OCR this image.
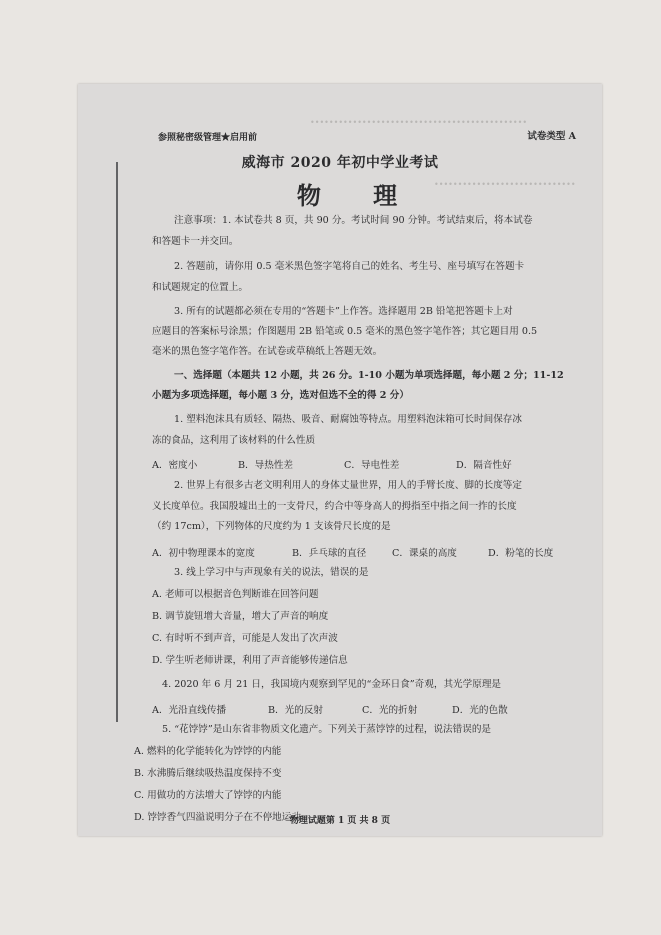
••••••••••••••••••••••••••••••••••••••••••••••
••••••••••••••••••••••••••••••
参照秘密级管理★启用前	试卷类型 A
威海市 2020 年初中学业考试
物 理
注意事项：1. 本试卷共 8 页，共 90 分。考试时间 90 分钟。考试结束后，将本试卷
和答题卡一并交回。
2. 答题前，请你用 0.5 毫米黑色签字笔将自己的姓名、考生号、座号填写在答题卡
和试题规定的位置上。
3. 所有的试题都必须在专用的“答题卡”上作答。选择题用 2B 铅笔把答题卡上对
应题目的答案标号涂黑；作图题用 2B 铅笔或 0.5 毫米的黑色签字笔作答；其它题目用 0.5
毫米的黑色签字笔作答。在试卷或草稿纸上答题无效。
一、选择题（本题共 12 小题，共 26 分。1-10 小题为单项选择题，每小题 2 分；11-12
小题为多项选择题，每小题 3 分，选对但选不全的得 2 分）
1. 塑料泡沫具有质轻、隔热、吸音、耐腐蚀等特点。用塑料泡沫箱可长时间保存冰
冻的食品，这利用了该材料的什么性质
A．密度小	B．导热性差	C．导电性差	D．隔音性好
2. 世界上有很多古老文明利用人的身体丈量世界，用人的手臂长度、脚的长度等定
义长度单位。我国殷墟出土的一支骨尺，约合中等身高人的拇指至中指之间一拃的长度
（约 17cm），下列物体的尺度约为 1 支该骨尺长度的是
A．初中物理课本的宽度	B．乒乓球的直径	C．课桌的高度	D．粉笔的长度
3. 线上学习中与声现象有关的说法，错误的是
A. 老师可以根据音色判断谁在回答问题
B. 调节旋钮增大音量，增大了声音的响度
C. 有时听不到声音，可能是人发出了次声波
D. 学生听老师讲课，利用了声音能够传递信息
4. 2020 年 6 月 21 日，我国境内观察到罕见的“金环日食”奇观，其光学原理是
A．光沿直线传播	B．光的反射	C．光的折射	D．光的色散
5. “花饽饽”是山东省非物质文化遗产。下列关于蒸饽饽的过程，说法错误的是
A. 燃料的化学能转化为饽饽的内能
B. 水沸腾后继续吸热温度保持不变
C. 用做功的方法增大了饽饽的内能
D. 饽饽香气四溢说明分子在不停地运动
物理试题第 1 页 共 8 页
